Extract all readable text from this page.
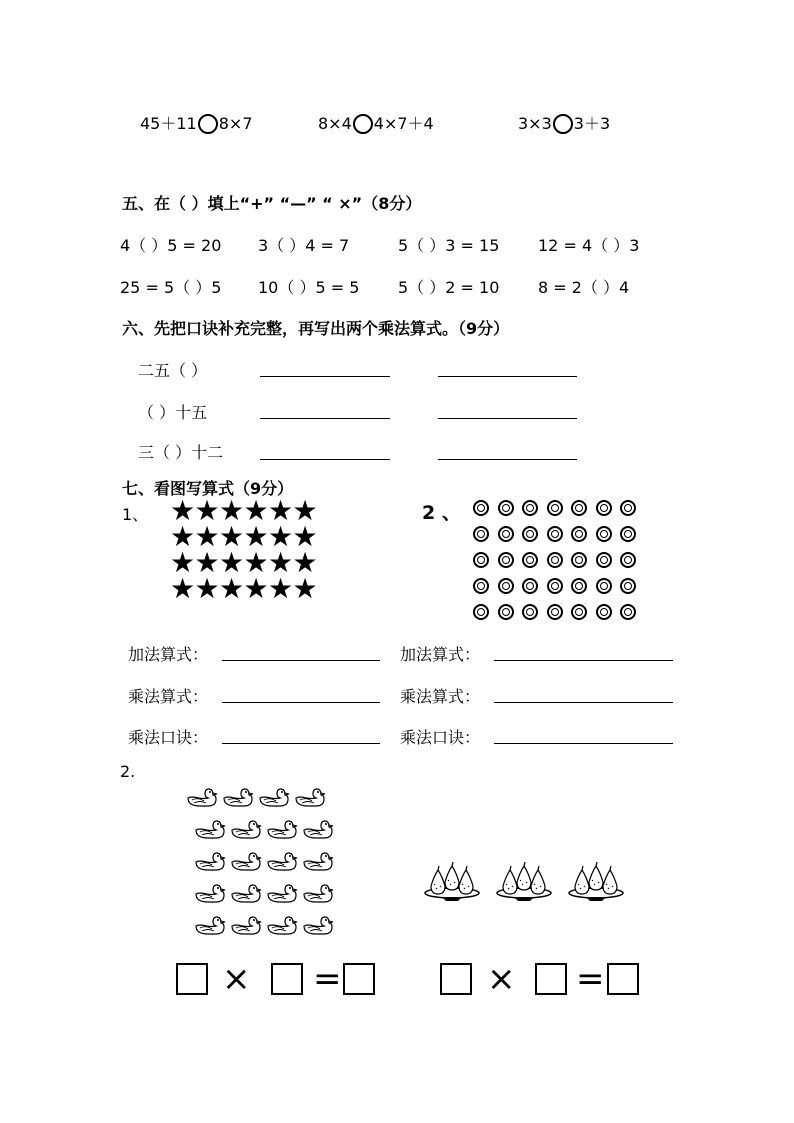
45＋11 8×7	8×4 4×7＋4	3×3 3＋3
五、在（ ）填上“+” “—” “ ×”（8分）
4（ ）5 = 20 3（ ）4 = 7	5（ ）3 = 15 12 = 4（ ）3
25 = 5（ ）5 10（ ）5 = 5 5（ ）2 = 10 8 = 2（ ）4
六、先把口诀补充完整，再写出两个乘法算式。（9分）
二五（ ）
（ ）十五
三（ ）十二
七、看图写算式（9分）
1、 ★ ★ ★ ★ ★ ★
★ ★ ★ ★ ★ ★
★ ★ ★ ★ ★ ★
★ ★ ★ ★ ★ ★
2 、
加法算式：
乘法算式：
乘法口诀：
加法算式：
乘法算式：
乘法口诀：
2.
× =	× =
